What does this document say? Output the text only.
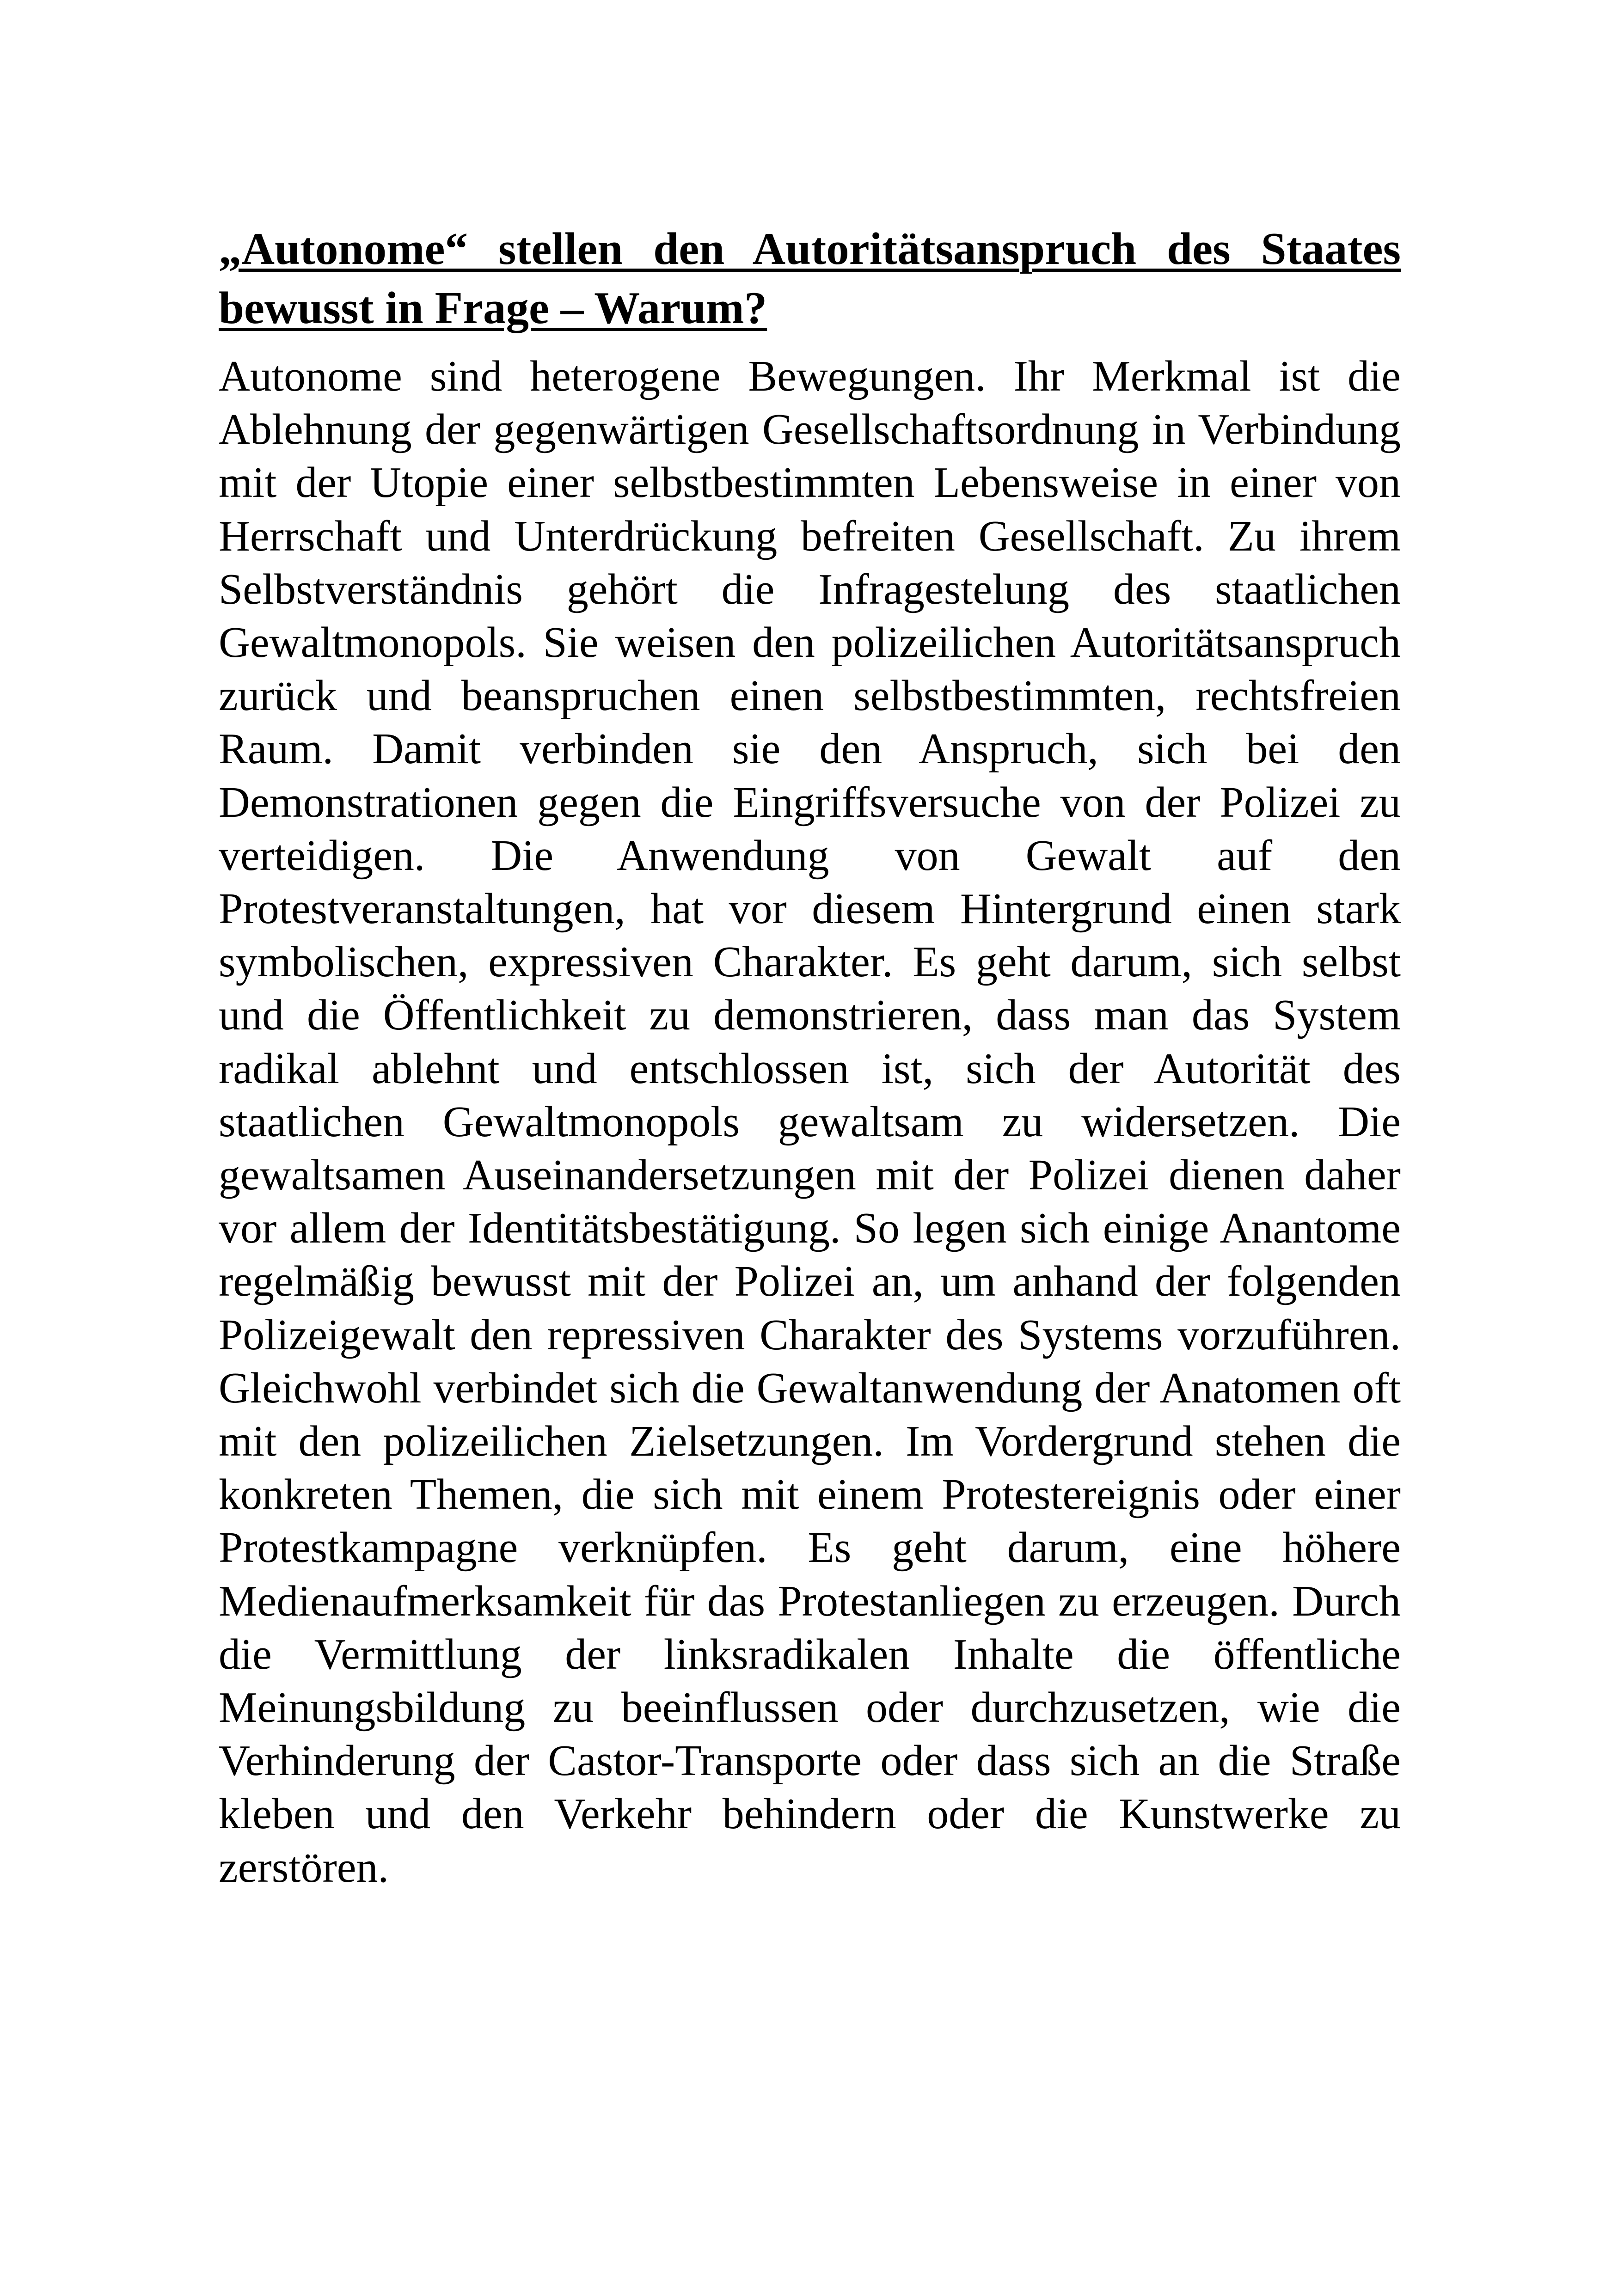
„Autonome“ stellen den Autoritätsanspruch des Staates bewusst in Frage – Warum?

Autonome sind heterogene Bewegungen. Ihr Merkmal ist die Ablehnung der gegenwärtigen Gesellschaftsordnung in Verbindung mit der Utopie einer selbstbestimmten Lebensweise in einer von Herrschaft und Unterdrückung befreiten Gesellschaft. Zu ihrem Selbstverständnis gehört die Infragestelung des staatlichen Gewaltmonopols. Sie weisen den polizeilichen Autoritätsanspruch zurück und beanspruchen einen selbstbestimmten, rechtsfreien Raum. Damit verbinden sie den Anspruch, sich bei den Demonstrationen gegen die Eingriffsversuche von der Polizei zu verteidigen. Die Anwendung von Gewalt auf den Protestveranstaltungen, hat vor diesem Hintergrund einen stark symbolischen, expressiven Charakter. Es geht darum, sich selbst und die Öffentlichkeit zu demonstrieren, dass man das System radikal ablehnt und entschlossen ist, sich der Autorität des staatlichen Gewaltmonopols gewaltsam zu widersetzen. Die gewaltsamen Auseinandersetzungen mit der Polizei dienen daher vor allem der Identitätsbestätigung. So legen sich einige Anantome regelmäßig bewusst mit der Polizei an, um anhand der folgenden Polizeigewalt den repressiven Charakter des Systems vorzuführen. Gleichwohl verbindet sich die Gewaltanwendung der Anatomen oft mit den polizeilichen Zielsetzungen. Im Vordergrund stehen die konkreten Themen, die sich mit einem Protestereignis oder einer Protestkampagne verknüpfen. Es geht darum, eine höhere Medienaufmerksamkeit für das Protestanliegen zu erzeugen. Durch die Vermittlung der linksradikalen Inhalte die öffentliche Meinungsbildung zu beeinflussen oder durchzusetzen, wie die Verhinderung der Castor-Transporte oder dass sich an die Straße kleben und den Verkehr behindern oder die Kunstwerke zu zerstören.
